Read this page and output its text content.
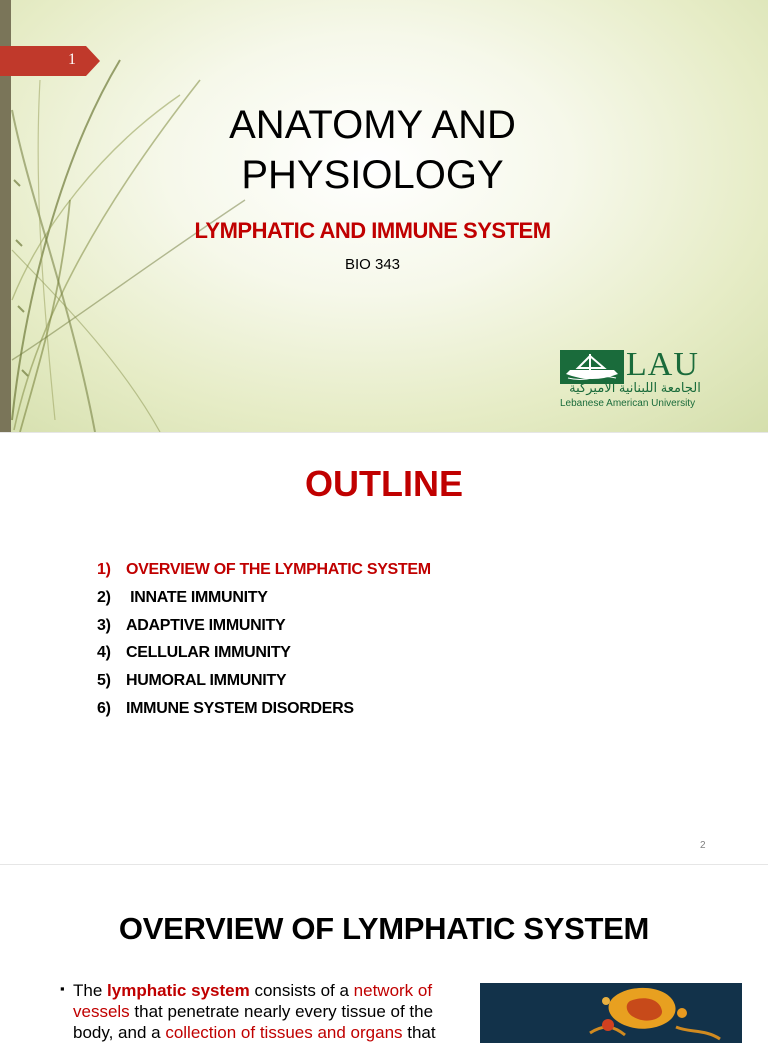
1
ANATOMY AND
PHYSIOLOGY
LYMPHATIC AND IMMUNE SYSTEM
BIO 343
LAU
الجامعة اللبنانية الأميركية
Lebanese American University
OUTLINE
1) OVERVIEW OF THE LYMPHATIC SYSTEM
2) INNATE IMMUNITY
3) ADAPTIVE IMMUNITY
4) CELLULAR IMMUNITY
5) HUMORAL IMMUNITY
6) IMMUNE SYSTEM DISORDERS
2
OVERVIEW OF LYMPHATIC SYSTEM
▪ The lymphatic system consists of a network of vessels that penetrate nearly every tissue of the body, and a collection of tissues and organs that
